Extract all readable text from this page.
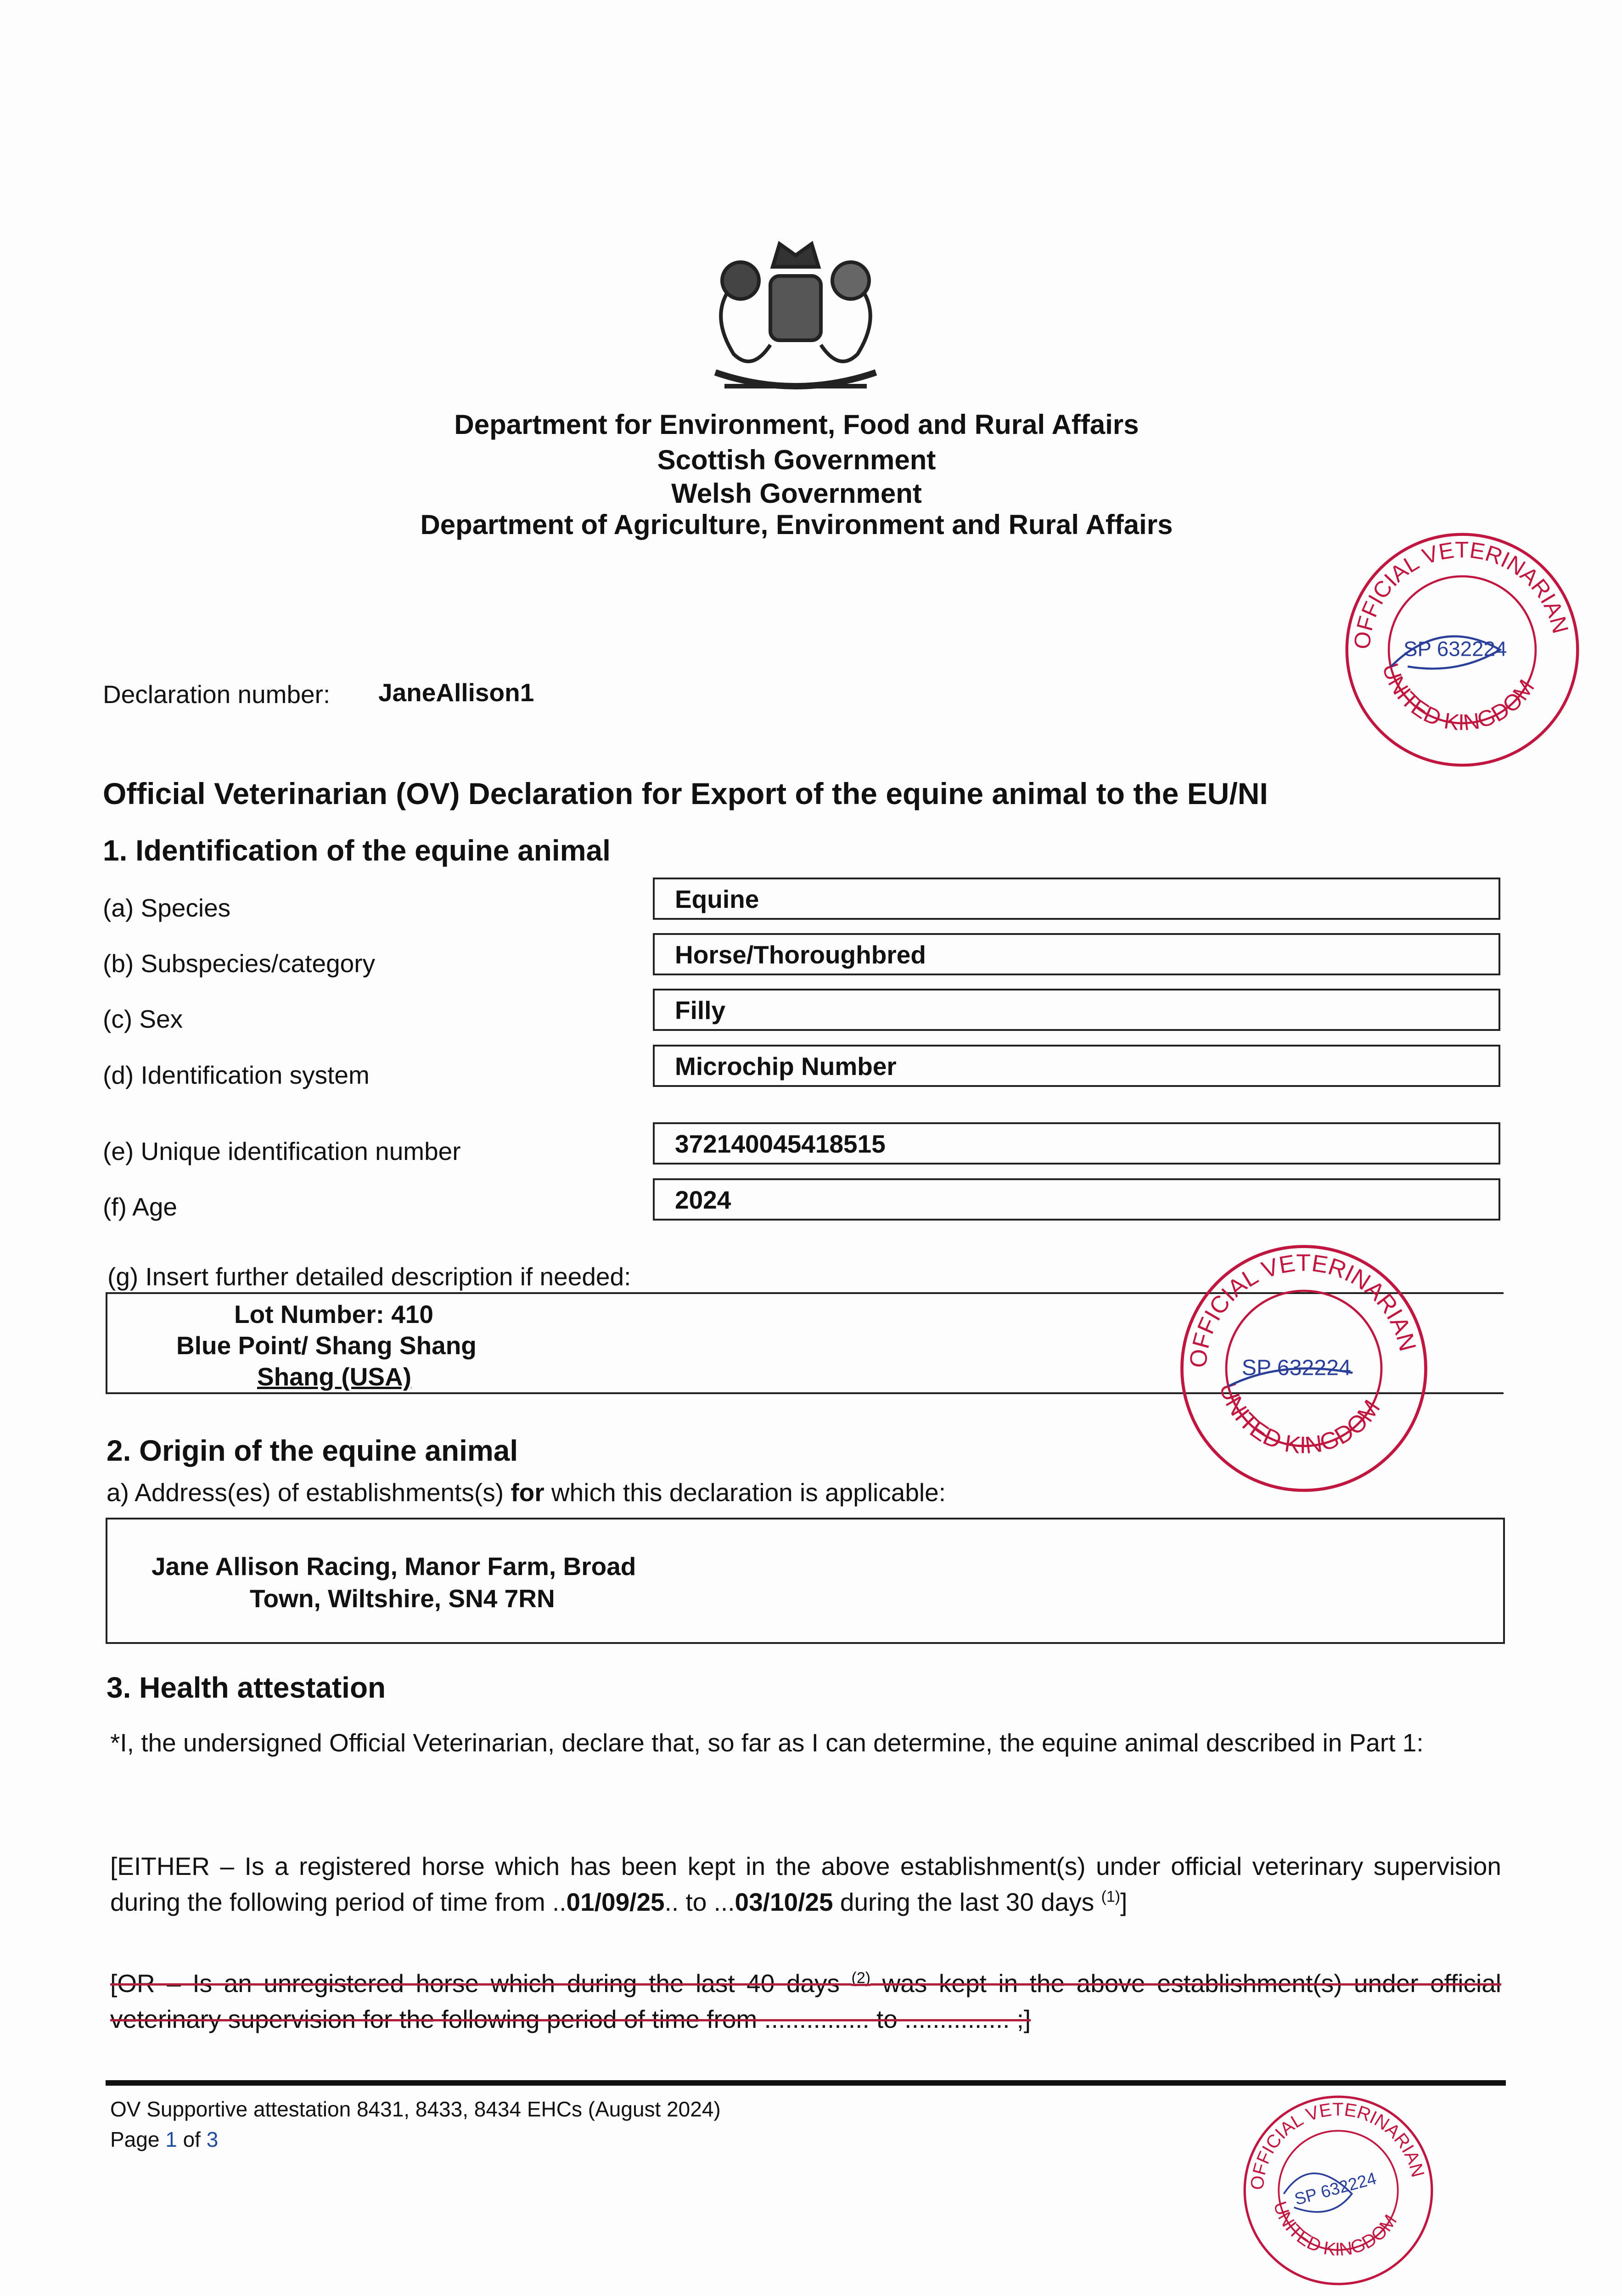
Department for Environment, Food and Rural Affairs
Scottish Government
Welsh Government
Department of Agriculture, Environment and Rural Affairs
Declaration number: JaneAllison1
Official Veterinarian (OV) Declaration for Export of the equine animal to the EU/NI
1. Identification of the equine animal
(a) Species	Equine
(b) Subspecies/category	Horse/Thoroughbred
(c) Sex	Filly
(d) Identification system	Microchip Number
(e) Unique identification number	372140045418515
(f) Age	2024
(g) Insert further detailed description if needed:
Lot Number: 410
Blue Point/ Shang Shang
Shang (USA)
2. Origin of the equine animal
a) Address(es) of establishments(s) for which this declaration is applicable:
Jane Allison Racing, Manor Farm, Broad
Town, Wiltshire, SN4 7RN
3. Health attestation
*I, the undersigned Official Veterinarian, declare that, so far as I can determine, the equine animal described in Part 1:
[EITHER – Is a registered horse which has been kept in the above establishment(s) under official veterinary supervision during the following period of time from ..01/09/25.. to ...03/10/25 during the last 30 days $^{(1)}$]
[OR – Is an unregistered horse which during the last 40 days $^{(2)}$ was kept in the above establishment(s) under official veterinary supervision for the following period of time from ............... to ............... ;]
OV Supportive attestation 8431, 8433, 8434 EHCs (August 2024)
Page 1 of 3
OFFICIAL VETERINARIAN
UNITED KINGDOM
SP 632224
OFFICIAL VETERINARIAN
UNITED KINGDOM
SP 632224
OFFICIAL VETERINARIAN
UNITED KINGDOM
SP 632224
